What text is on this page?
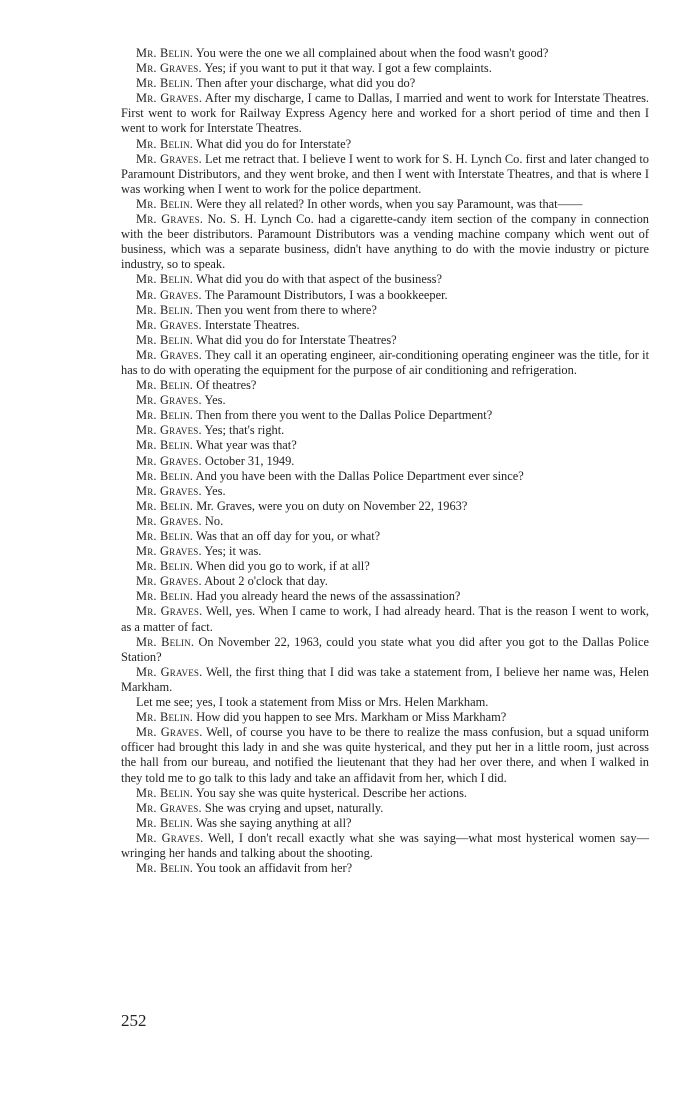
Mr. Belin. You were the one we all complained about when the food wasn't good?

Mr. Graves. Yes; if you want to put it that way. I got a few complaints.

Mr. Belin. Then after your discharge, what did you do?

Mr. Graves. After my discharge, I came to Dallas, I married and went to work for Interstate Theatres. First went to work for Railway Express Agency here and worked for a short period of time and then I went to work for Interstate Theatres.

Mr. Belin. What did you do for Interstate?

Mr. Graves. Let me retract that. I believe I went to work for S. H. Lynch Co. first and later changed to Paramount Distributors, and they went broke, and then I went with Interstate Theatres, and that is where I was working when I went to work for the police department.

Mr. Belin. Were they all related? In other words, when you say Paramount, was that——

Mr. Graves. No. S. H. Lynch Co. had a cigarette-candy item section of the company in connection with the beer distributors. Paramount Distributors was a vending machine company which went out of business, which was a separate business, didn't have anything to do with the movie industry or picture industry, so to speak.

Mr. Belin. What did you do with that aspect of the business?

Mr. Graves. The Paramount Distributors, I was a bookkeeper.

Mr. Belin. Then you went from there to where?

Mr. Graves. Interstate Theatres.

Mr. Belin. What did you do for Interstate Theatres?

Mr. Graves. They call it an operating engineer, air-conditioning operating engineer was the title, for it has to do with operating the equipment for the purpose of air conditioning and refrigeration.

Mr. Belin. Of theatres?

Mr. Graves. Yes.

Mr. Belin. Then from there you went to the Dallas Police Department?

Mr. Graves. Yes; that's right.

Mr. Belin. What year was that?

Mr. Graves. October 31, 1949.

Mr. Belin. And you have been with the Dallas Police Department ever since?

Mr. Graves. Yes.

Mr. Belin. Mr. Graves, were you on duty on November 22, 1963?

Mr. Graves. No.

Mr. Belin. Was that an off day for you, or what?

Mr. Graves. Yes; it was.

Mr. Belin. When did you go to work, if at all?

Mr. Graves. About 2 o'clock that day.

Mr. Belin. Had you already heard the news of the assassination?

Mr. Graves. Well, yes. When I came to work, I had already heard. That is the reason I went to work, as a matter of fact.

Mr. Belin. On November 22, 1963, could you state what you did after you got to the Dallas Police Station?

Mr. Graves. Well, the first thing that I did was take a statement from, I believe her name was, Helen Markham.

Let me see; yes, I took a statement from Miss or Mrs. Helen Markham.

Mr. Belin. How did you happen to see Mrs. Markham or Miss Markham?

Mr. Graves. Well, of course you have to be there to realize the mass confusion, but a squad uniform officer had brought this lady in and she was quite hysterical, and they put her in a little room, just across the hall from our bureau, and notified the lieutenant that they had her over there, and when I walked in they told me to go talk to this lady and take an affidavit from her, which I did.

Mr. Belin. You say she was quite hysterical. Describe her actions.

Mr. Graves. She was crying and upset, naturally.

Mr. Belin. Was she saying anything at all?

Mr. Graves. Well, I don't recall exactly what she was saying—what most hysterical women say—wringing her hands and talking about the shooting.

Mr. Belin. You took an affidavit from her?

252
